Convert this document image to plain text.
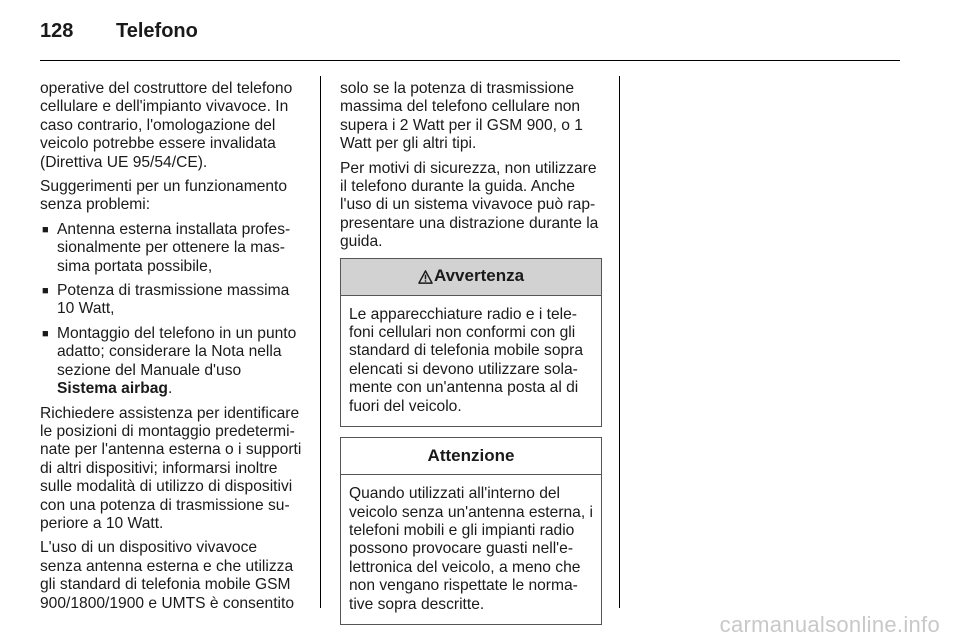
128 Telefono

operative del costruttore del telefono cellulare e dell'impianto vivavoce. In caso contrario, l'omologazione del veicolo potrebbe essere invalidata (Direttiva UE 95/54/CE).

Suggerimenti per un funzionamento senza problemi:

■ Antenna esterna installata professionalmente per ottenere la massima portata possibile,
■ Potenza di trasmissione massima 10 Watt,
■ Montaggio del telefono in un punto adatto; considerare la Nota nella sezione del Manuale d'uso Sistema airbag.

Richiedere assistenza per identificare le posizioni di montaggio predeterminate per l'antenna esterna o i supporti di altri dispositivi; informarsi inoltre sulle modalità di utilizzo di dispositivi con una potenza di trasmissione superiore a 10 Watt.

L'uso di un dispositivo vivavoce senza antenna esterna e che utilizza gli standard di telefonia mobile GSM 900/1800/1900 e UMTS è consentito

solo se la potenza di trasmissione massima del telefono cellulare non supera i 2 Watt per il GSM 900, o 1 Watt per gli altri tipi.

Per motivi di sicurezza, non utilizzare il telefono durante la guida. Anche l'uso di un sistema vivavoce può rappresentare una distrazione durante la guida.

Avvertenza
Le apparecchiature radio e i telefoni cellulari non conformi con gli standard di telefonia mobile sopra elencati si devono utilizzare solamente con un'antenna posta al di fuori del veicolo.
Attenzione
Quando utilizzati all'interno del veicolo senza un'antenna esterna, i telefoni mobili e gli impianti radio possono provocare guasti nell'elettronica del veicolo, a meno che non vengano rispettate le normative sopra descritte.
carmanualsonline.info
